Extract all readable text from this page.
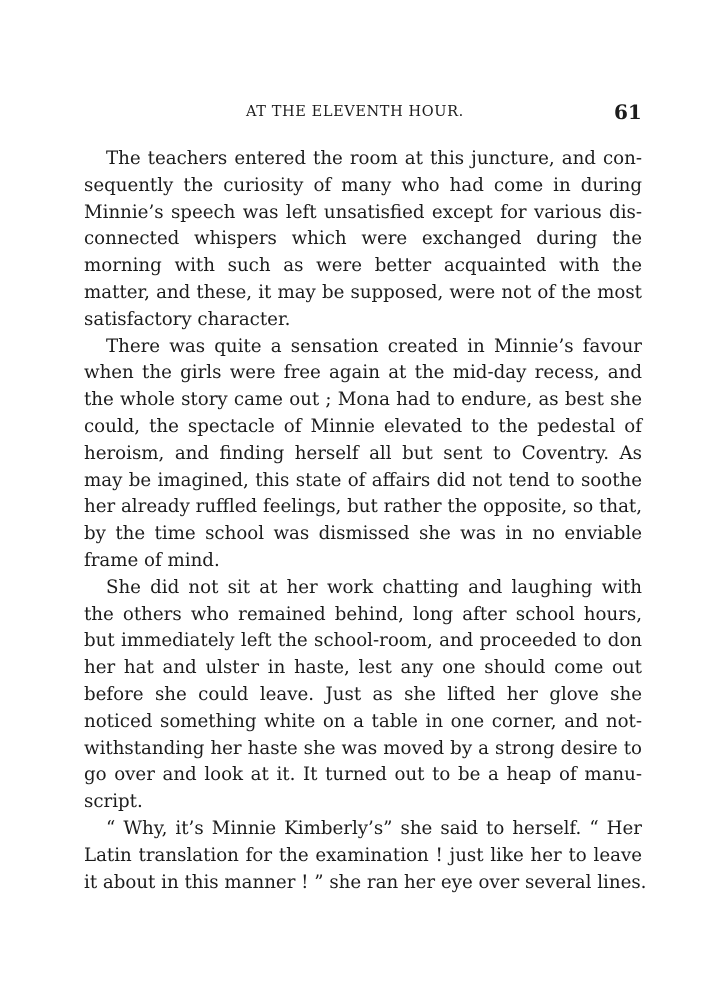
AT THE ELEVENTH HOUR.	61

The teachers entered the room at this juncture, and con-
sequently the curiosity of many who had come in during
Minnie’s speech was left unsatisfied except for various dis-
connected whispers which were exchanged during the
morning with such as were better acquainted with the
matter, and these, it may be supposed, were not of the most
satisfactory character.

There was quite a sensation created in Minnie’s favour
when the girls were free again at the mid-day recess, and
the whole story came out ; Mona had to endure, as best she
could, the spectacle of Minnie elevated to the pedestal of
heroism, and finding herself all but sent to Coventry. As
may be imagined, this state of affairs did not tend to soothe
her already ruffled feelings, but rather the opposite, so that,
by the time school was dismissed she was in no enviable
frame of mind.

She did not sit at her work chatting and laughing with
the others who remained behind, long after school hours,
but immediately left the school-room, and proceeded to don
her hat and ulster in haste, lest any one should come out
before she could leave. Just as she lifted her glove she
noticed something white on a table in one corner, and not-
withstanding her haste she was moved by a strong desire to
go over and look at it. It turned out to be a heap of manu-
script.

“ Why, it’s Minnie Kimberly’s” she said to herself. “ Her
Latin translation for the examination ! just like her to leave
it about in this manner ! ” she ran her eye over several lines.
